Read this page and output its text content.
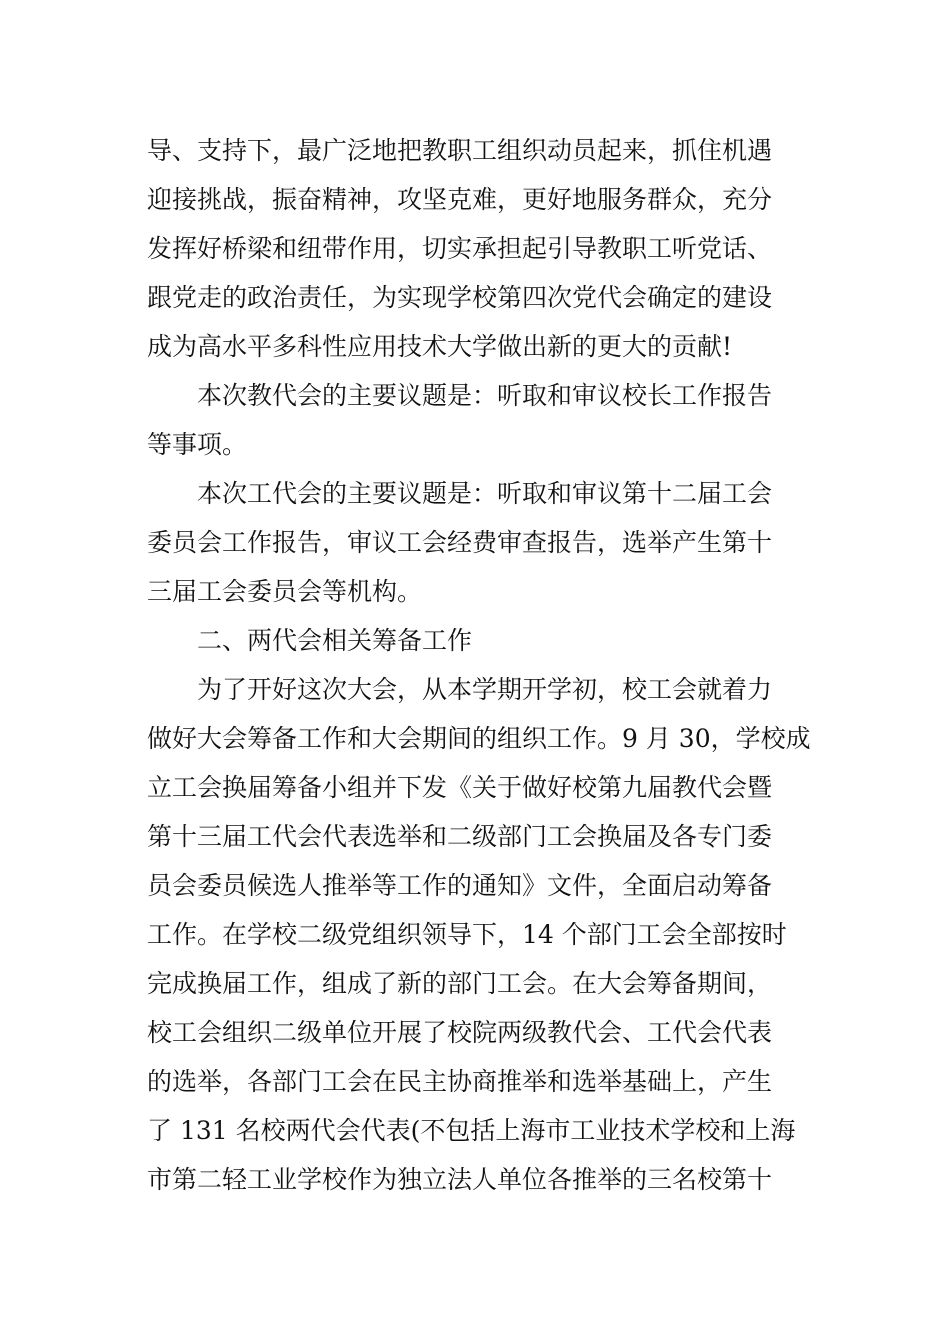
导、支持下，最广泛地把教职工组织动员起来，抓住机遇
迎接挑战，振奋精神，攻坚克难，更好地服务群众，充分
发挥好桥梁和纽带作用，切实承担起引导教职工听党话、
跟党走的政治责任，为实现学校第四次党代会确定的建设
成为高水平多科性应用技术大学做出新的更大的贡献!
本次教代会的主要议题是：听取和审议校长工作报告
等事项。
本次工代会的主要议题是：听取和审议第十二届工会
委员会工作报告，审议工会经费审查报告，选举产生第十
三届工会委员会等机构。
二、两代会相关筹备工作
为了开好这次大会，从本学期开学初，校工会就着力
做好大会筹备工作和大会期间的组织工作。9 月 30，学校成
立工会换届筹备小组并下发《关于做好校第九届教代会暨
第十三届工代会代表选举和二级部门工会换届及各专门委
员会委员候选人推举等工作的通知》文件，全面启动筹备
工作。在学校二级党组织领导下，14 个部门工会全部按时
完成换届工作，组成了新的部门工会。在大会筹备期间，
校工会组织二级单位开展了校院两级教代会、工代会代表
的选举，各部门工会在民主协商推举和选举基础上，产生
了 131 名校两代会代表(不包括上海市工业技术学校和上海
市第二轻工业学校作为独立法人单位各推举的三名校第十
